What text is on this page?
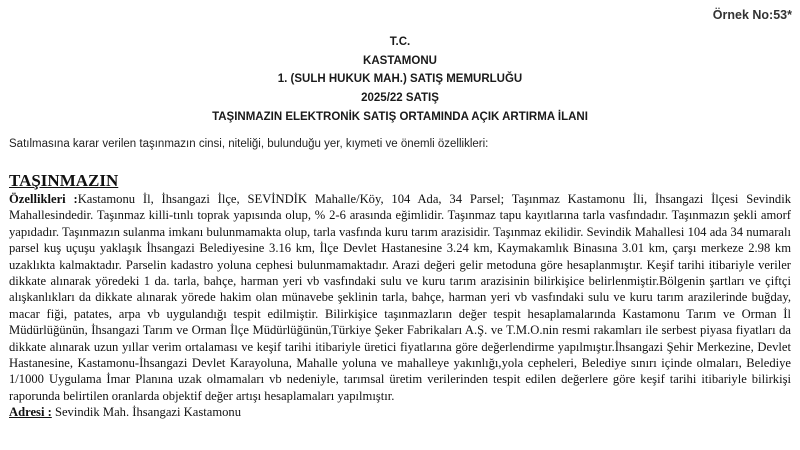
Örnek No:53*
T.C.
KASTAMONU
1. (SULH HUKUK MAH.) SATIŞ MEMURLUĞU
2025/22 SATIŞ
TAŞINMAZIN ELEKTRONİK SATIŞ ORTAMINDA AÇIK ARTIRMA İLANI
Satılmasına karar verilen taşınmazın cinsi, niteliği, bulunduğu yer, kıymeti ve önemli özellikleri:
TAŞINMAZIN

Özellikleri :Kastamonu İl, İhsangazi İlçe, SEVİNDİK Mahalle/Köy, 104 Ada, 34 Parsel; Taşınmaz Kastamonu İli, İhsangazi İlçesi Sevindik Mahallesindedir. Taşınmaz killi-tınlı toprak yapısında olup, % 2-6 arasında eğimlidir. Taşınmaz tapu kayıtlarına tarla vasfındadır. Taşınmazın şekli amorf yapıdadır. Taşınmazın sulanma imkanı bulunmamakta olup, tarla vasfında kuru tarım arazisidir. Taşınmaz ekilidir. Sevindik Mahallesi 104 ada 34 numaralı parsel kuş uçuşu yaklaşık İhsangazi Belediyesine 3.16 km, İlçe Devlet Hastanesine 3.24 km, Kaymakamlık Binasına 3.01 km, çarşı merkeze 2.98 km uzaklıkta kalmaktadır. Parselin kadastro yoluna cephesi bulunmamaktadır. Arazi değeri gelir metoduna göre hesaplanmıştır. Keşif tarihi itibariyle veriler dikkate alınarak yöredeki 1 da. tarla, bahçe, harman yeri vb vasfındaki sulu ve kuru tarım arazisinin bilirkişice belirlenmiştir.Bölgenin şartları ve çiftçi alışkanlıkları da dikkate alınarak yörede hakim olan münavebe şeklinin tarla, bahçe, harman yeri vb vasfındaki sulu ve kuru tarım arazilerinde buğday, macar fiği, patates, arpa vb uygulandığı tespit edilmiştir. Bilirkişice taşınmazların değer tespit hesaplamalarında Kastamonu Tarım ve Orman İl Müdürlüğünün, İhsangazi Tarım ve Orman İlçe Müdürlüğünün,Türkiye Şeker Fabrikaları A.Ş. ve T.M.O.nin resmi rakamları ile serbest piyasa fiyatları da dikkate alınarak uzun yıllar verim ortalaması ve keşif tarihi itibariyle üretici fiyatlarına göre değerlendirme yapılmıştır.İhsangazi Şehir Merkezine, Devlet Hastanesine, Kastamonu-İhsangazi Devlet Karayoluna, Mahalle yoluna ve mahalleye yakınlığı,yola cepheleri, Belediye sınırı içinde olmaları, Belediye 1/1000 Uygulama İmar Planına uzak olmamaları vb nedeniyle, tarımsal üretim verilerinden tespit edilen değerlere göre keşif tarihi itibariyle bilirkişi raporunda belirtilen oranlarda objektif değer artışı hesaplamaları yapılmıştır.

Adresi : Sevindik Mah. İhsangazi Kastamonu
